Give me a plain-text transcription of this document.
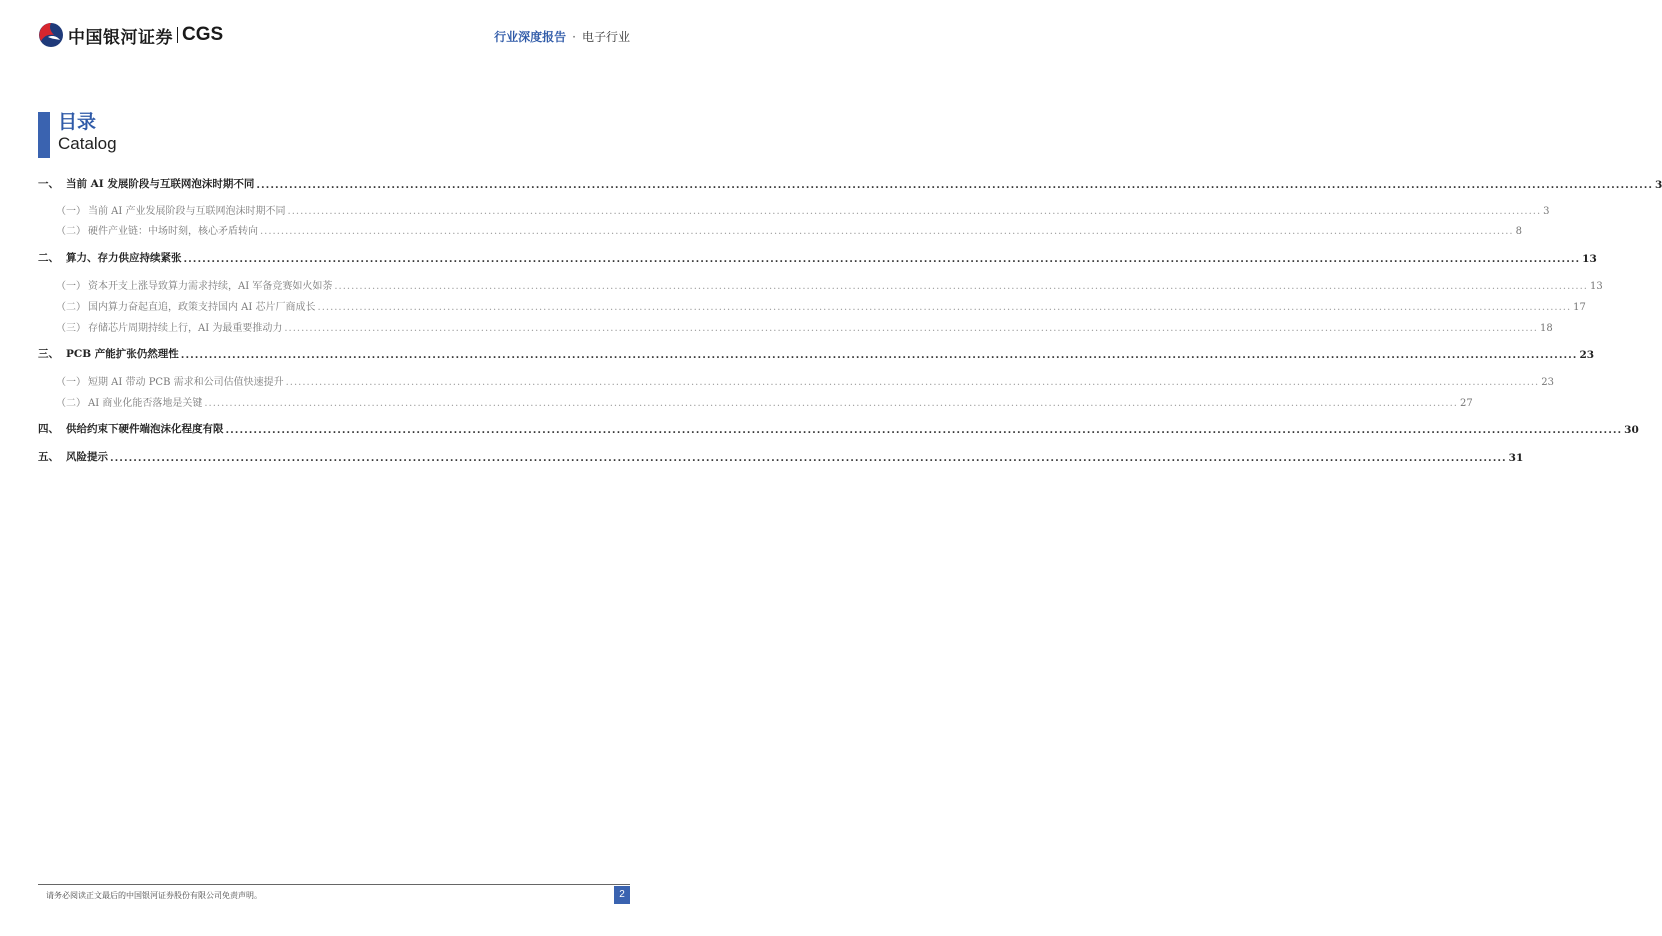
中国银河证券 CGS	行业深度报告 · 电子行业
目录
Catalog
一、 当前 AI 发展阶段与互联网泡沫时期不同 ............................................................................................................................................................................................................................................................................................................ 3
（一） 当前 AI 产业发展阶段与互联网泡沫时期不同 ............................................................................................................................................................................................................................................................................................................ 3
（二） 硬件产业链：中场时刻，核心矛盾转向 ............................................................................................................................................................................................................................................................................................................ 8
二、 算力、存力供应持续紧张 ............................................................................................................................................................................................................................................................................................................ 13
（一） 资本开支上涨导致算力需求持续，AI 军备竞赛如火如荼 ............................................................................................................................................................................................................................................................................................................ 13
（二） 国内算力奋起直追，政策支持国内 AI 芯片厂商成长 ............................................................................................................................................................................................................................................................................................................ 17
（三） 存储芯片周期持续上行，AI 为最重要推动力 ............................................................................................................................................................................................................................................................................................................ 18
三、 PCB 产能扩张仍然理性 ............................................................................................................................................................................................................................................................................................................ 23
（一） 短期 AI 带动 PCB 需求和公司估值快速提升 ............................................................................................................................................................................................................................................................................................................ 23
（二） AI 商业化能否落地是关键 ............................................................................................................................................................................................................................................................................................................ 27
四、 供给约束下硬件端泡沫化程度有限 ............................................................................................................................................................................................................................................................................................................ 30
五、 风险提示 ............................................................................................................................................................................................................................................................................................................ 31
请务必阅读正文最后的中国银河证券股份有限公司免责声明。	2
